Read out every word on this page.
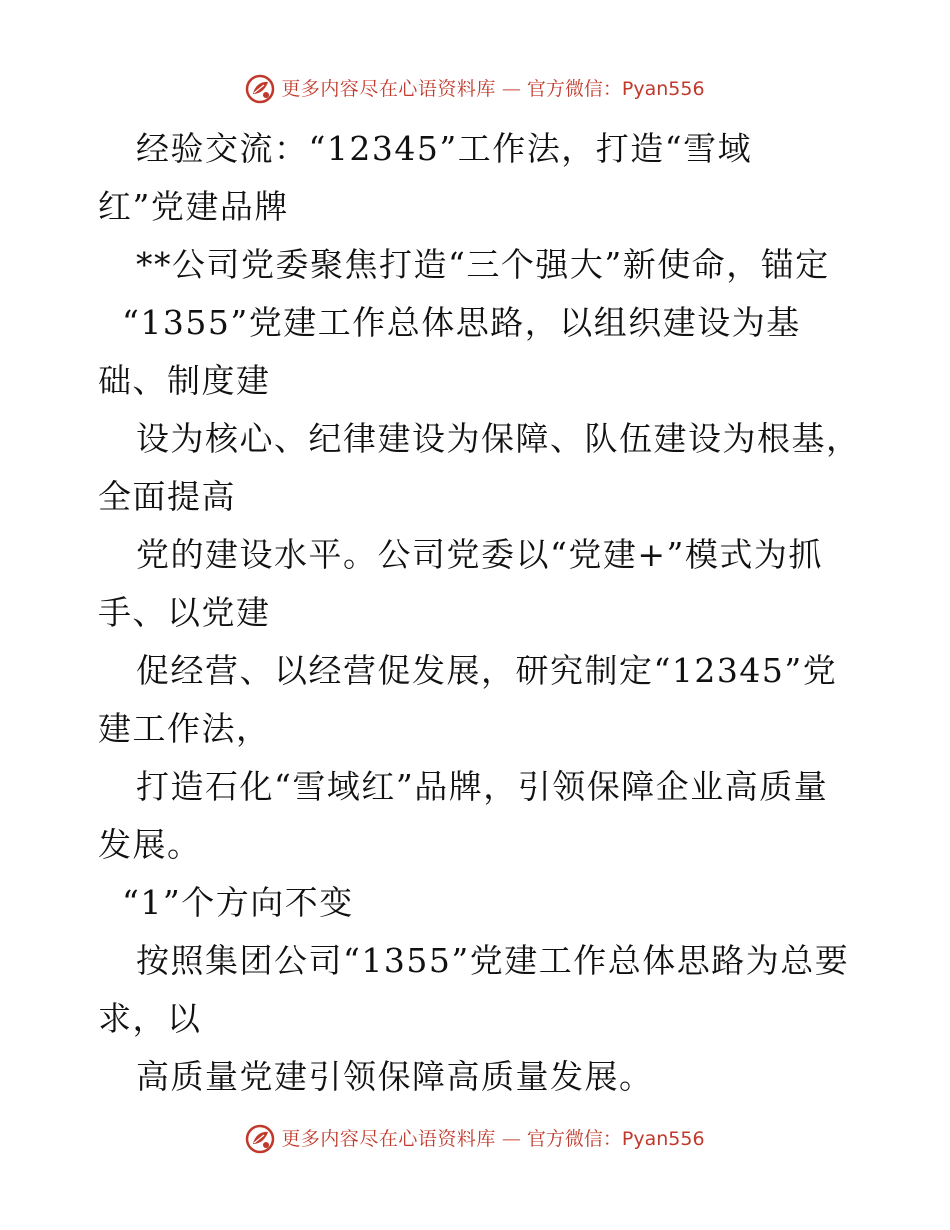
更多内容尽在心语资料库 — 官方微信：Pyan556
经验交流：“12345”工作法，打造“雪域
红”党建品牌
**公司党委聚焦打造“三个强大”新使命，锚定
“1355”党建工作总体思路，以组织建设为基
础、制度建
设为核心、纪律建设为保障、队伍建设为根基，
全面提高
党的建设水平。公司党委以“党建+”模式为抓
手、以党建
促经营、以经营促发展，研究制定“12345”党
建工作法，
打造石化“雪域红”品牌，引领保障企业高质量
发展。
“1”个方向不变
按照集团公司“1355”党建工作总体思路为总要
求，以
高质量党建引领保障高质量发展。
更多内容尽在心语资料库 — 官方微信：Pyan556
